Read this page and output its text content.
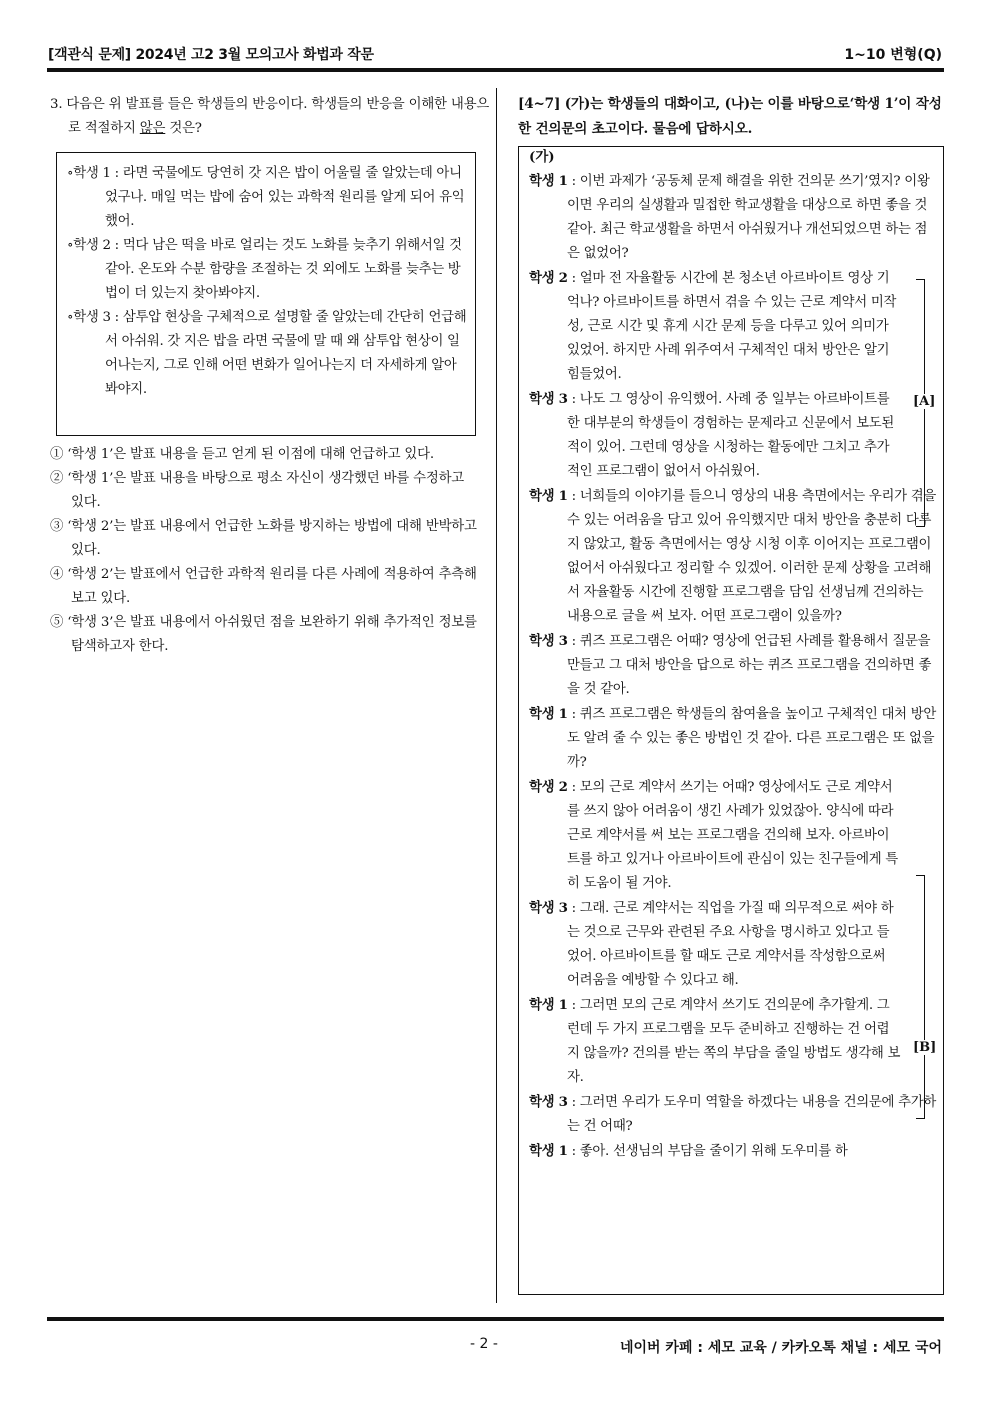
[객관식 문제] 2024년 고2 3월 모의고사 화법과 작문	1~10 변형(Q)
3. 다음은 위 발표를 들은 학생들의 반응이다. 학생들의 반응을 이해한 내용으로 적절하지 않은 것은?
∘학생 1 : 라면 국물에도 당연히 갓 지은 밥이 어울릴 줄 알았는데 아니었구나. 매일 먹는 밥에 숨어 있는 과학적 원리를 알게 되어 유익했어.
∘학생 2 : 먹다 남은 떡을 바로 얼리는 것도 노화를 늦추기 위해서일 것 같아. 온도와 수분 함량을 조절하는 것 외에도 노화를 늦추는 방법이 더 있는지 찾아봐야지.
∘학생 3 : 삼투압 현상을 구체적으로 설명할 줄 알았는데 간단히 언급해서 아쉬워. 갓 지은 밥을 라면 국물에 말 때 왜 삼투압 현상이 일어나는지, 그로 인해 어떤 변화가 일어나는지 더 자세하게 알아봐야지.
① ‘학생 1’은 발표 내용을 듣고 얻게 된 이점에 대해 언급하고 있다.
② ‘학생 1’은 발표 내용을 바탕으로 평소 자신이 생각했던 바를 수정하고 있다.
③ ‘학생 2’는 발표 내용에서 언급한 노화를 방지하는 방법에 대해 반박하고 있다.
④ ‘학생 2’는 발표에서 언급한 과학적 원리를 다른 사례에 적용하여 추측해보고 있다.
⑤ ‘학생 3’은 발표 내용에서 아쉬웠던 점을 보완하기 위해 추가적인 정보를 탐색하고자 한다.
[4~7] (가)는 학생들의 대화이고, (나)는 이를 바탕으로‘학생 1’이 작성한 건의문의 초고이다. 물음에 답하시오.
(가)
학생 1 : 이번 과제가 ‘공동체 문제 해결을 위한 건의문 쓰기’였지? 이왕이면 우리의 실생활과 밀접한 학교생활을 대상으로 하면 좋을 것 같아. 최근 학교생활을 하면서 아쉬웠거나 개선되었으면 하는 점은 없었어?
학생 2 : 얼마 전 자율활동 시간에 본 청소년 아르바이트 영상 기억나? 아르바이트를 하면서 겪을 수 있는 근로 계약서 미작성, 근로 시간 및 휴게 시간 문제 등을 다루고 있어 의미가 있었어. 하지만 사례 위주여서 구체적인 대처 방안은 알기 힘들었어.
학생 3 : 나도 그 영상이 유익했어. 사례 중 일부는 아르바이트를 한 대부분의 학생들이 경험하는 문제라고 신문에서 보도된 적이 있어. 그런데 영상을 시청하는 활동에만 그치고 추가적인 프로그램이 없어서 아쉬웠어.
학생 1 : 너희들의 이야기를 들으니 영상의 내용 측면에서는 우리가 겪을 수 있는 어려움을 담고 있어 유익했지만 대처 방안을 충분히 다루지 않았고, 활동 측면에서는 영상 시청 이후 이어지는 프로그램이 없어서 아쉬웠다고 정리할 수 있겠어. 이러한 문제 상황을 고려해서 자율활동 시간에 진행할 프로그램을 담임 선생님께 건의하는 내용으로 글을 써 보자. 어떤 프로그램이 있을까?
학생 3 : 퀴즈 프로그램은 어때? 영상에 언급된 사례를 활용해서 질문을 만들고 그 대처 방안을 답으로 하는 퀴즈 프로그램을 건의하면 좋을 것 같아.
학생 1 : 퀴즈 프로그램은 학생들의 참여율을 높이고 구체적인 대처 방안도 알려 줄 수 있는 좋은 방법인 것 같아. 다른 프로그램은 또 없을까?
학생 2 : 모의 근로 계약서 쓰기는 어때? 영상에서도 근로 계약서를 쓰지 않아 어려움이 생긴 사례가 있었잖아. 양식에 따라 근로 계약서를 써 보는 프로그램을 건의해 보자. 아르바이트를 하고 있거나 아르바이트에 관심이 있는 친구들에게 특히 도움이 될 거야.
학생 3 : 그래. 근로 계약서는 직업을 가질 때 의무적으로 써야 하는 것으로 근무와 관련된 주요 사항을 명시하고 있다고 들었어. 아르바이트를 할 때도 근로 계약서를 작성함으로써 어려움을 예방할 수 있다고 해.
학생 1 : 그러면 모의 근로 계약서 쓰기도 건의문에 추가할게. 그런데 두 가지 프로그램을 모두 준비하고 진행하는 건 어렵지 않을까? 건의를 받는 쪽의 부담을 줄일 방법도 생각해 보자.
학생 3 : 그러면 우리가 도우미 역할을 하겠다는 내용을 건의문에 추가하는 건 어때?
학생 1 : 좋아. 선생님의 부담을 줄이기 위해 도우미를 하
[A]
[B]
- 2 -	네이버 카페 : 세모 교육 / 카카오톡 채널 : 세모 국어
